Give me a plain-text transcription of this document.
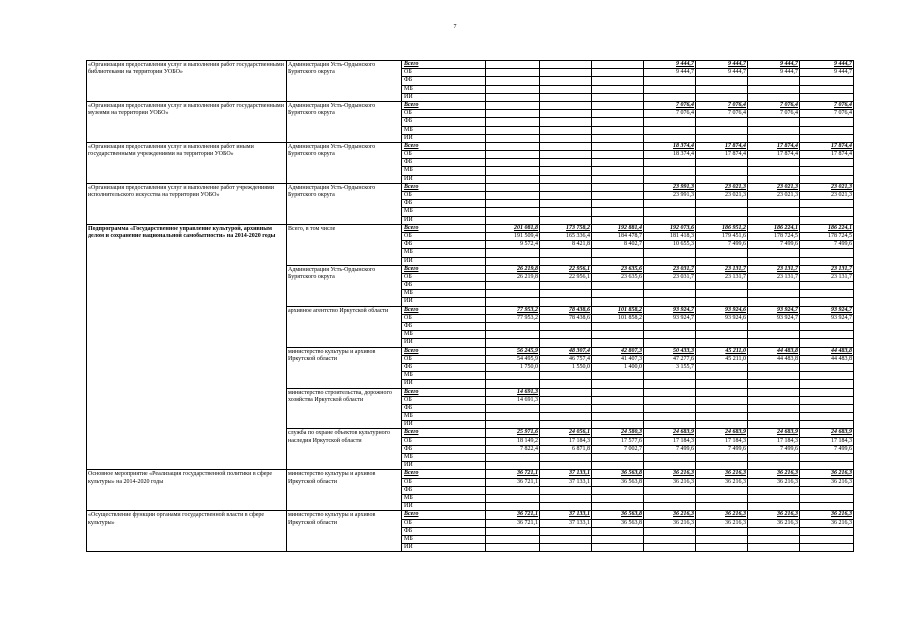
7
«Организация предоставления услуг и выполнения работ государственными библиотеками на территории УОБО»	Администрация Усть-Ордынского Бурятского округа	Всего				9 444,7	9 444,7	9 444,7	9 444,7
		ОБ				9 444,7	9 444,7	9 444,7	9 444,7
		ФБ							
		МБ							
		ИИ							
«Организация предоставления услуг и выполнения работ государственными музеями на территории УОБО»	Администрация Усть-Ордынского Бурятского округа	Всего				7 076,4	7 076,4	7 076,4	7 076,4
		ОБ				7 076,4	7 076,4	7 076,4	7 076,4
		ФБ							
		МБ							
		ИИ							
«Организация предоставления услуг и выполнения работ иными государственными учреждениями на территории УОБО»	Администрация Усть-Ордынского Бурятского округа	Всего				18 374,4	17 874,4	17 874,4	17 874,4
		ОБ				18 374,4	17 874,4	17 874,4	17 874,4
		ФБ							
		МБ							
		ИИ							
«Организация предоставления услуг и выполнение работ учреждениями исполнительского искусства на территории УОБО»	Администрация Усть-Ордынского Бурятского округа	Всего				23 991,3	23 021,3	23 021,3	23 021,3
		ОБ				23 991,3	23 021,3	23 021,3	23 021,3
		ФБ							
		МБ							
		ИИ							
Подпрограмма «Государственное управление культурой, архивным делом и сохранение национальной самобытности» на 2014-2020 годы	Всего, в том числе	Всего	201 081,8	173 758,2	192 881,4	192 073,6	186 951,2	186 224,1	186 224,1
		ОБ	191 509,4	165 336,4	184 478,7	181 418,3	179 451,6	178 724,5	178 724,5
		ФБ	9 572,4	8 421,8	8 402,7	10 655,3	7 499,6	7 499,6	7 499,6
		МБ							
		ИИ							
	Администрация Усть-Ордынского Бурятского округа	Всего	26 219,8	22 956,1	23 635,6	23 031,7	23 131,7	23 131,7	23 131,7
		ОБ	26 219,8	22 956,1	23 635,6	23 031,7	23 131,7	23 131,7	23 131,7
		ФБ							
		МБ							
		ИИ							
	архивное агентство Иркутской области	Всего	77 953,2	78 438,6	101 858,2	93 924,7	93 924,6	93 924,7	93 924,7
		ОБ	77 953,2	78 438,6	101 858,2	93 924,7	93 924,6	93 924,7	93 924,7
		ФБ							
		МБ							
		ИИ							
	министерство культуры и архивов Иркутской области	Всего	56 245,9	48 307,4	42 807,3	50 433,3	45 211,0	44 483,8	44 483,8
		ОБ	54 495,9	46 757,4	41 407,3	47 277,6	45 211,0	44 483,8	44 483,8
		ФБ	1 750,0	1 550,0	1 400,0	3 155,7			
		МБ							
		ИИ							
	министерство строительства, дорожного хозяйства Иркутской области	Всего	14 691,3						
		ОБ	14 691,3						
		ФБ							
		МБ							
		ИИ							
	служба по охране объектов культурного наследия Иркутской области	Всего	25 971,6	24 056,1	24 580,3	24 683,9	24 683,9	24 683,9	24 683,9
		ОБ	18 149,2	17 184,3	17 577,6	17 184,3	17 184,3	17 184,3	17 184,3
		ФБ	7 822,4	6 871,8	7 002,7	7 499,6	7 499,6	7 499,6	7 499,6
		МБ							
		ИИ							
Основное мероприятие «Реализация государственной политики в сфере культуры» на 2014-2020 годы	министерство культуры и архивов Иркутской области	Всего	36 721,1	37 133,1	36 563,8	36 216,3	36 216,3	36 216,3	36 216,3
		ОБ	36 721,1	37 133,1	36 563,8	36 216,3	36 216,3	36 216,3	36 216,3
		ФБ							
		МБ							
		ИИ							
«Осуществление функции органами государственной власти в сфере культуры»	министерство культуры и архивов Иркутской области	Всего	36 721,1	37 133,1	36 563,8	36 216,3	36 216,3	36 216,3	36 216,3
		ОБ	36 721,1	37 133,1	36 563,8	36 216,3	36 216,3	36 216,3	36 216,3
		ФБ							
		МБ							
		ИИ							
